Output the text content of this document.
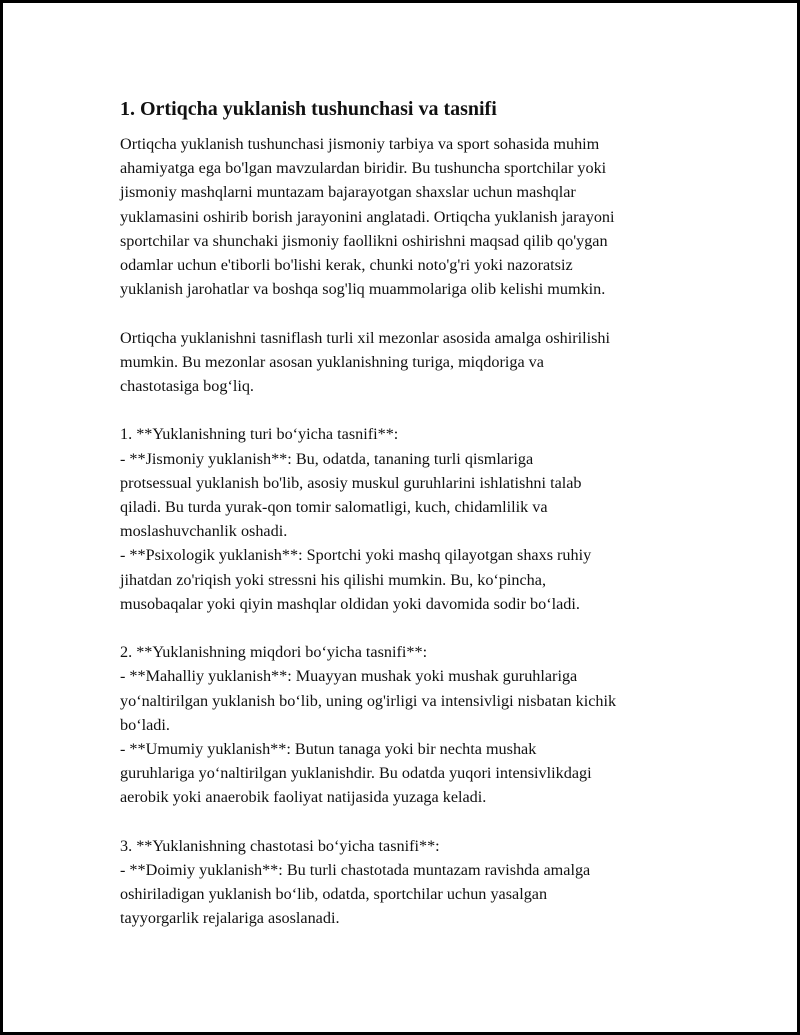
1. Ortiqcha yuklanish tushunchasi va tasnifi

Ortiqcha yuklanish tushunchasi jismoniy tarbiya va sport sohasida muhim
ahamiyatga ega bo'lgan mavzulardan biridir. Bu tushuncha sportchilar yoki
jismoniy mashqlarni muntazam bajarayotgan shaxslar uchun mashqlar
yuklamasini oshirib borish jarayonini anglatadi. Ortiqcha yuklanish jarayoni
sportchilar va shunchaki jismoniy faollikni oshirishni maqsad qilib qo'ygan
odamlar uchun e'tiborli bo'lishi kerak, chunki noto'g'ri yoki nazoratsiz
yuklanish jarohatlar va boshqa sog'liq muammolariga olib kelishi mumkin.

Ortiqcha yuklanishni tasniflash turli xil mezonlar asosida amalga oshirilishi
mumkin. Bu mezonlar asosan yuklanishning turiga, miqdoriga va
chastotasiga bog‘liq.

1. **Yuklanishning turi bo‘yicha tasnifi**:
- **Jismoniy yuklanish**: Bu, odatda, tananing turli qismlariga
protsessual yuklanish bo'lib, asosiy muskul guruhlarini ishlatishni talab
qiladi. Bu turda yurak-qon tomir salomatligi, kuch, chidamlilik va
moslashuvchanlik oshadi.
- **Psixologik yuklanish**: Sportchi yoki mashq qilayotgan shaxs ruhiy
jihatdan zo'riqish yoki stressni his qilishi mumkin. Bu, ko‘pincha,
musobaqalar yoki qiyin mashqlar oldidan yoki davomida sodir bo‘ladi.

2. **Yuklanishning miqdori bo‘yicha tasnifi**:
- **Mahalliy yuklanish**: Muayyan mushak yoki mushak guruhlariga
yo‘naltirilgan yuklanish bo‘lib, uning og'irligi va intensivligi nisbatan kichik
bo‘ladi.
- **Umumiy yuklanish**: Butun tanaga yoki bir nechta mushak
guruhlariga yo‘naltirilgan yuklanishdir. Bu odatda yuqori intensivlikdagi
aerobik yoki anaerobik faoliyat natijasida yuzaga keladi.

3. **Yuklanishning chastotasi bo‘yicha tasnifi**:
- **Doimiy yuklanish**: Bu turli chastotada muntazam ravishda amalga
oshiriladigan yuklanish bo‘lib, odatda, sportchilar uchun yasalgan
tayyorgarlik rejalariga asoslanadi.
